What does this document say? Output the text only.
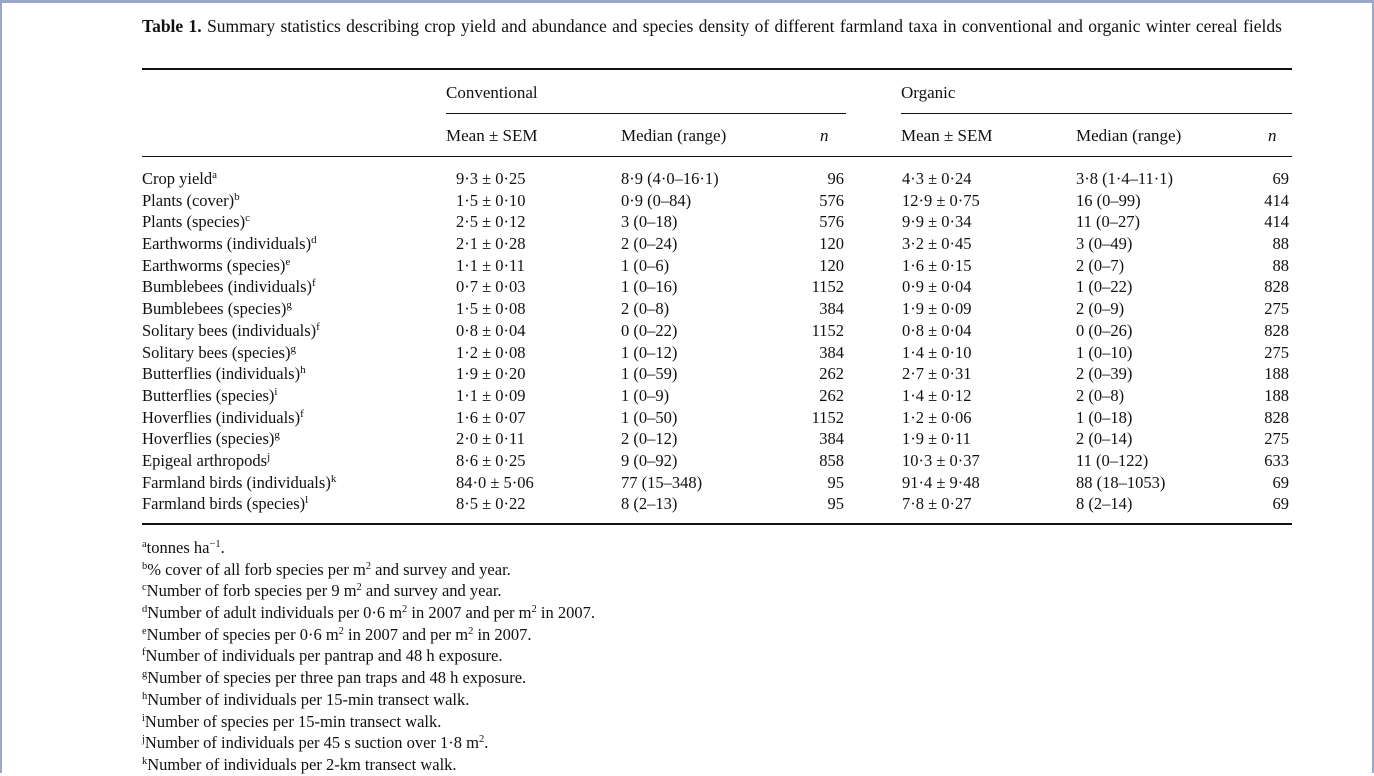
Table 1. Summary statistics describing crop yield and abundance and species density of different farmland taxa in conventional and organic winter cereal fields
Conventional	Organic
Mean ± SEM	Median (range)	n	Mean ± SEM	Median (range)	n
Crop yield$^a$	9·3 ± 0·25	8·9 (4·0–16·1)	96	4·3 ± 0·24	3·8 (1·4–11·1)	69
Plants (cover)$^b$	1·5 ± 0·10	0·9 (0–84)	576	12·9 ± 0·75	16 (0–99)	414
Plants (species)$^c$	2·5 ± 0·12	3 (0–18)	576	9·9 ± 0·34	11 (0–27)	414
Earthworms (individuals)$^d$	2·1 ± 0·28	2 (0–24)	120	3·2 ± 0·45	3 (0–49)	88
Earthworms (species)$^e$	1·1 ± 0·11	1 (0–6)	120	1·6 ± 0·15	2 (0–7)	88
Bumblebees (individuals)$^f$	0·7 ± 0·03	1 (0–16)	1152	0·9 ± 0·04	1 (0–22)	828
Bumblebees (species)$^g$	1·5 ± 0·08	2 (0–8)	384	1·9 ± 0·09	2 (0–9)	275
Solitary bees (individuals)$^f$	0·8 ± 0·04	0 (0–22)	1152	0·8 ± 0·04	0 (0–26)	828
Solitary bees (species)$^g$	1·2 ± 0·08	1 (0–12)	384	1·4 ± 0·10	1 (0–10)	275
Butterflies (individuals)$^h$	1·9 ± 0·20	1 (0–59)	262	2·7 ± 0·31	2 (0–39)	188
Butterflies (species)$^i$	1·1 ± 0·09	1 (0–9)	262	1·4 ± 0·12	2 (0–8)	188
Hoverflies (individuals)$^f$	1·6 ± 0·07	1 (0–50)	1152	1·2 ± 0·06	1 (0–18)	828
Hoverflies (species)$^g$	2·0 ± 0·11	2 (0–12)	384	1·9 ± 0·11	2 (0–14)	275
Epigeal arthropods$^j$	8·6 ± 0·25	9 (0–92)	858	10·3 ± 0·37	11 (0–122)	633
Farmland birds (individuals)$^k$	84·0 ± 5·06	77 (15–348)	95	91·4 ± 9·48	88 (18–1053)	69
Farmland birds (species)$^l$	8·5 ± 0·22	8 (2–13)	95	7·8 ± 0·27	8 (2–14)	69
$^a$tonnes $ha^{-1}$.
$^b$% cover of all forb species per $m^2$ and survey and year.
$^c$Number of forb species per 9 $m^2$ and survey and year.
$^d$Number of adult individuals per 0·6 $m^2$ in 2007 and per $m^2$ in 2007.
$^e$Number of species per 0·6 $m^2$ in 2007 and per $m^2$ in 2007.
$^f$Number of individuals per pantrap and 48 h exposure.
$^g$Number of species per three pan traps and 48 h exposure.
$^h$Number of individuals per 15-min transect walk.
$^i$Number of species per 15-min transect walk.
$^j$Number of individuals per 45 s suction over 1·8 $m^2$.
$^k$Number of individuals per 2-km transect walk.
